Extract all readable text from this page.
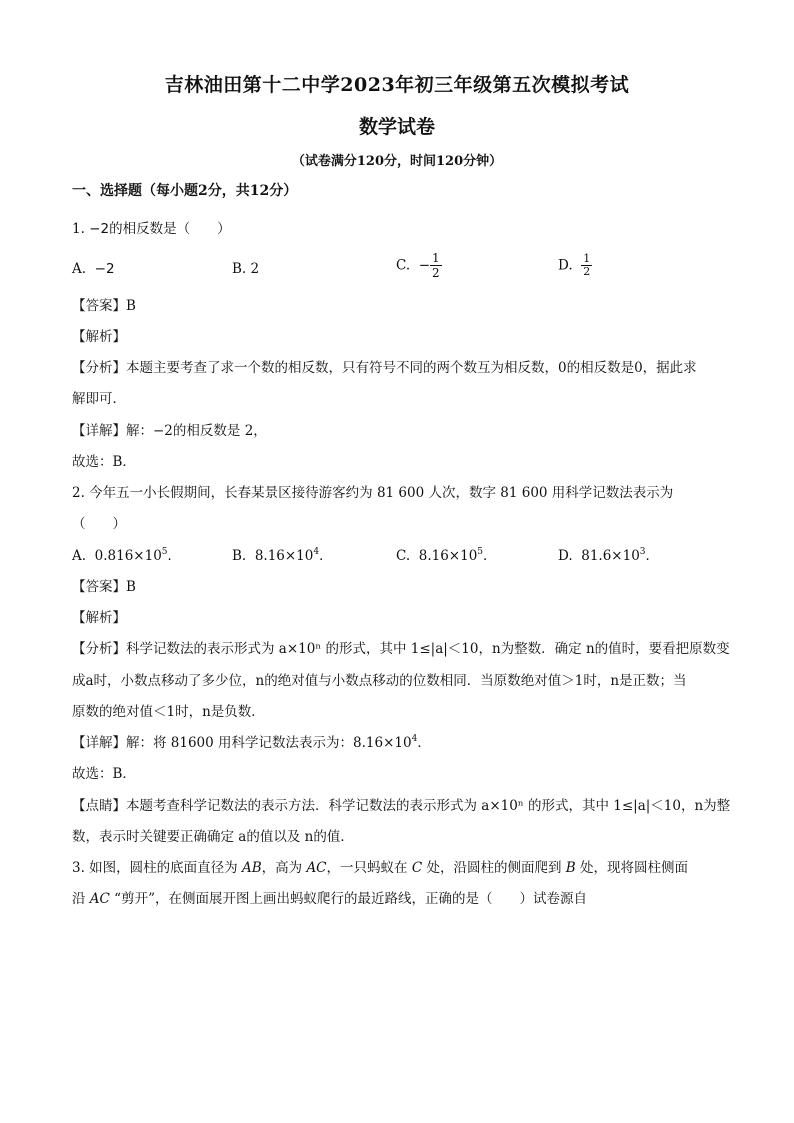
吉林油田第十二中学2023年初三年级第五次模拟考试
数学试卷
（试卷满分120分，时间120分钟）
一、选择题（每小题2分，共12分）
1. −2的相反数是（　　）
A. −2	B. 2	C. − $\frac{1}{2}$	D. $\frac{1}{2}$
【答案】B
【解析】
【分析】本题主要考查了求一个数的相反数，只有符号不同的两个数互为相反数，0的相反数是0，据此求
解即可．
【详解】解：−2的相反数是 2，
故选：B．
2. 今年五一小长假期间，长春某景区接待游客约为 81 600 人次，数字 81 600 用科学记数法表示为
（　　）
A. $0.816\times 10^5$．	B. $8.16\times 10^4$．	C. $8.16\times 10^5$．	D. $81.6\times 10^3$．
【答案】B
【解析】
【分析】科学记数法的表示形式为 a×10ⁿ 的形式，其中 1≤|a|＜10，n为整数．确定 n的值时，要看把原数变
成a时，小数点移动了多少位，n的绝对值与小数点移动的位数相同．当原数绝对值＞1时，n是正数；当
原数的绝对值＜1时，n是负数．
【详解】解：将 81600 用科学记数法表示为：$8.16\times 10^4$．
故选：B．
【点睛】本题考查科学记数法的表示方法．科学记数法的表示形式为 a×10ⁿ 的形式，其中 1≤|a|＜10，n为整
数，表示时关键要正确确定 a的值以及 n的值．
3. 如图，圆柱的底面直径为 AB，高为 AC，一只蚂蚁在 C 处，沿圆柱的侧面爬到 B 处，现将圆柱侧面
沿 AC “剪开”，在侧面展开图上画出蚂蚁爬行的最近路线，正确的是（　　）试卷源自
